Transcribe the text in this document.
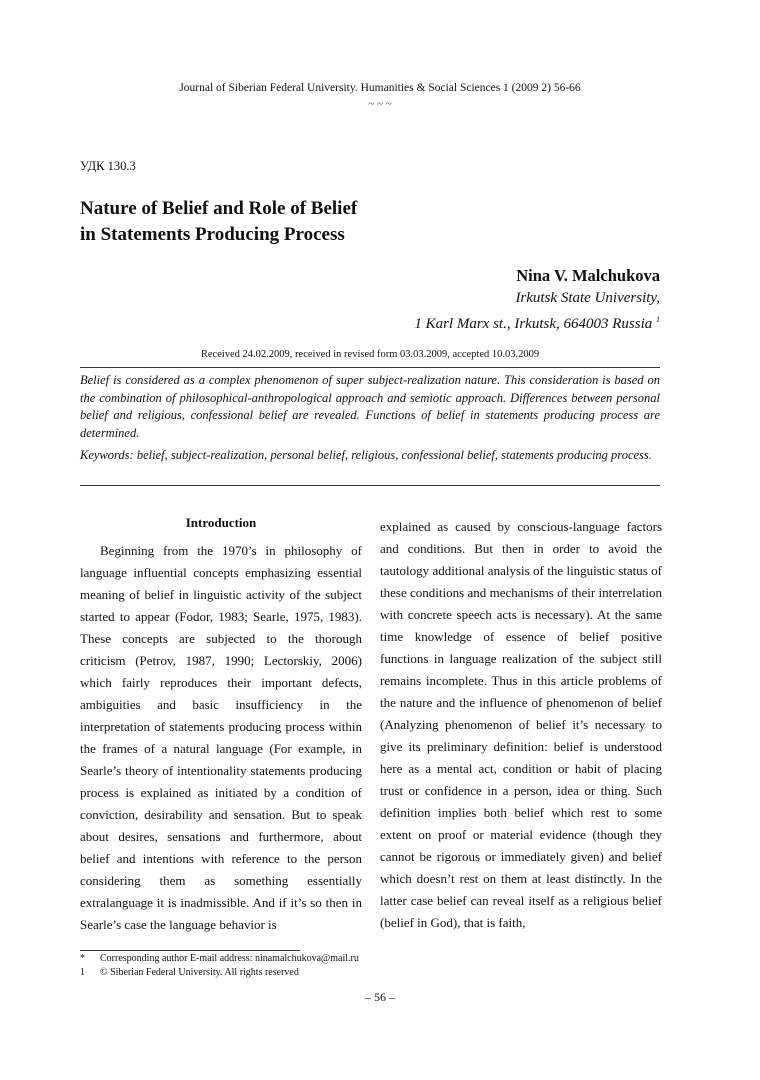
Journal of Siberian Federal University. Humanities & Social Sciences 1 (2009 2) 56-66
~ ~ ~
УДК 130.3
Nature of Belief and Role of Belief
in Statements Producing Process
Nina V. Malchukova
Irkutsk State University,
1 Karl Marx st., Irkutsk, 664003 Russia $^1$
Received 24.02.2009, received in revised form 03.03.2009, accepted 10.03.2009

Belief is considered as a complex phenomenon of super subject-realization nature. This consideration is based on the combination of philosophical-anthropological approach and semiotic approach. Differences between personal belief and religious, confessional belief are revealed. Functions of belief in statements producing process are determined.

Keywords: belief, subject-realization, personal belief, religious, confessional belief, statements producing process.

Introduction

Beginning from the 1970’s in philosophy of language influential concepts emphasizing essential meaning of belief in linguistic activity of the subject started to appear (Fodor, 1983; Searle, 1975, 1983). These concepts are subjected to the thorough criticism (Petrov, 1987, 1990; Lectorskiy, 2006) which fairly reproduces their important defects, ambiguities and basic insufficiency in the interpretation of statements producing process within the frames of a natural language (For example, in Searle’s theory of intentionality statements producing process is explained as initiated by a condition of conviction, desirability and sensation. But to speak about desires, sensations and furthermore, about belief and intentions with reference to the person considering them as something essentially extralanguage it is inadmissible. And if it’s so then in Searle’s case the language behavior is

explained as caused by conscious-language factors and conditions. But then in order to avoid the tautology additional analysis of the linguistic status of these conditions and mechanisms of their interrelation with concrete speech acts is necessary). At the same time knowledge of essence of belief positive functions in language realization of the subject still remains incomplete. Thus in this article problems of the nature and the influence of phenomenon of belief (Analyzing phenomenon of belief it’s necessary to give its preliminary definition: belief is understood here as a mental act, condition or habit of placing trust or confidence in a person, idea or thing. Such definition implies both belief which rest to some extent on proof or material evidence (though they cannot be rigorous or immediately given) and belief which doesn’t rest on them at least distinctly. In the latter case belief can reveal itself as a religious belief (belief in God), that is faith,

*	Corresponding author E-mail address: ninamalchukova@mail.ru
1	© Siberian Federal University. All rights reserved
– 56 –
